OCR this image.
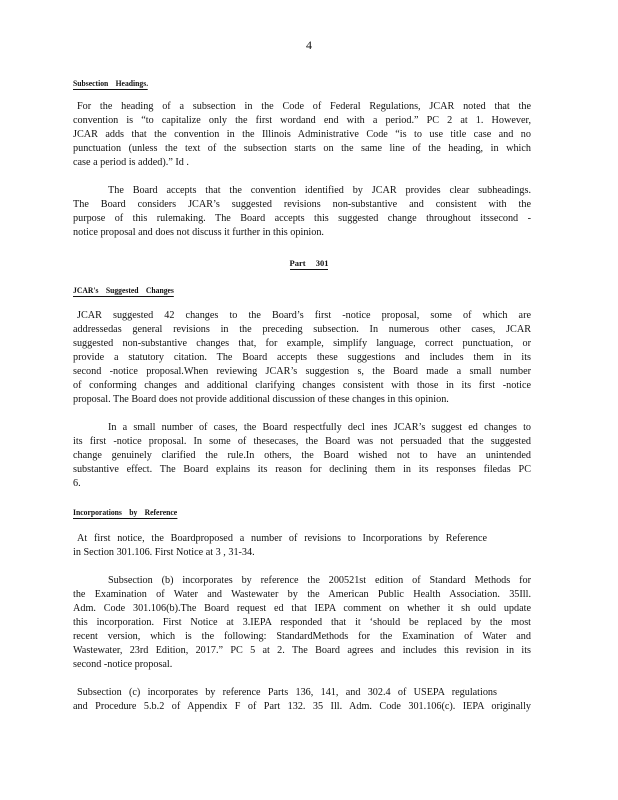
4
Subsection Headings.
For the heading of a subsection in the Code of Federal Regulations, JCAR noted that the
convention is “to capitalize only the first wordand end with a period.” PC 2 at 1. However,
JCAR adds that the convention in the Illinois Administrative Code “is to use title case and no
punctuation (unless the text of the subsection starts on the same line of the heading, in which
case a period is added).” Id .
The Board accepts that the convention identified by JCAR provides clear subheadings.
The Board considers JCAR’s suggested revisions non-substantive and consistent with the
purpose of this rulemaking. The Board accepts this suggested change throughout itssecond -
notice proposal and does not discuss it further in this opinion.
Part 301
JCAR's Suggested Changes
JCAR suggested 42 changes to the Board’s first -notice proposal, some of which are
addressedas general revisions in the preceding subsection. In numerous other cases, JCAR
suggested non-substantive changes that, for example, simplify language, correct punctuation, or
provide a statutory citation. The Board accepts these suggestions and includes them in its
second -notice proposal.When reviewing JCAR’s suggestion s, the Board made a small number
of conforming changes and additional clarifying changes consistent with those in its first -notice
proposal. The Board does not provide additional discussion of these changes in this opinion.
In a small number of cases, the Board respectfully decl ines JCAR’s suggest ed changes to
its first -notice proposal. In some of thesecases, the Board was not persuaded that the suggested
change genuinely clarified the rule.In others, the Board wished not to have an unintended
substantive effect. The Board explains its reason for declining them in its responses filedas PC
6.
Incorporations by Reference
At first notice, the Boardproposed a number of revisions to Incorporations by Reference
in Section 301.106. First Notice at 3 , 31-34.
Subsection (b) incorporates by reference the 200521st edition of Standard Methods for
the Examination of Water and Wastewater by the American Public Health Association. 35Ill.
Adm. Code 301.106(b).The Board request ed that IEPA comment on whether it sh ould update
this incorporation. First Notice at 3.IEPA responded that it ‘should be replaced by the most
recent version, which is the following: StandardMethods for the Examination of Water and
Wastewater, 23rd Edition, 2017.” PC 5 at 2. The Board agrees and includes this revision in its
second -notice proposal.
Subsection (c) incorporates by reference Parts 136, 141, and 302.4 of USEPA regulations
and Procedure 5.b.2 of Appendix F of Part 132. 35 Ill. Adm. Code 301.106(c). IEPA originally
